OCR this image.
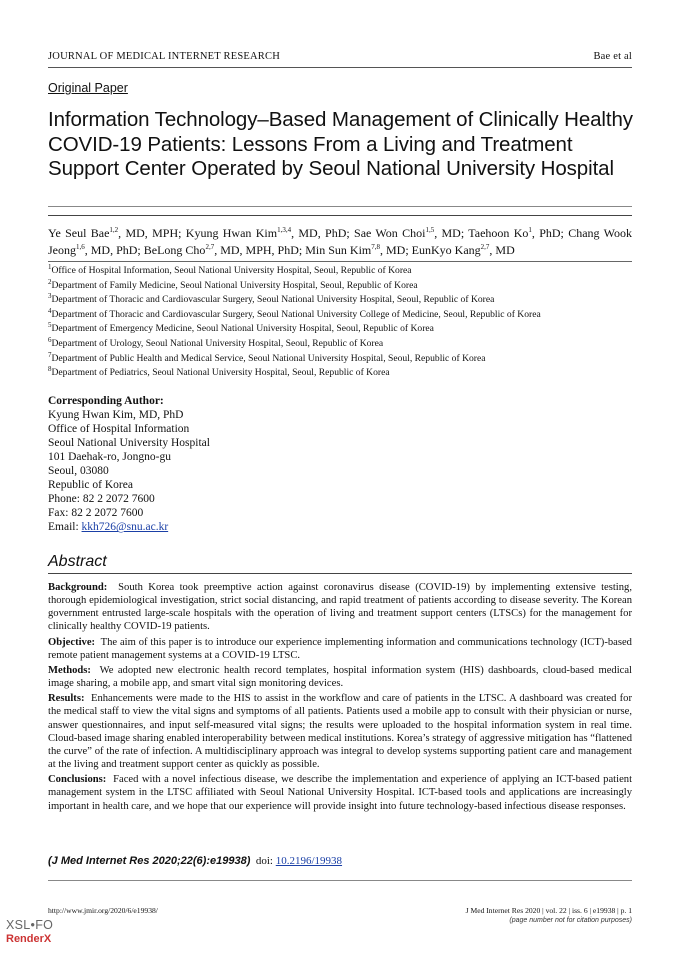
JOURNAL OF MEDICAL INTERNET RESEARCH	Bae et al
Original Paper
Information Technology–Based Management of Clinically Healthy COVID-19 Patients: Lessons From a Living and Treatment Support Center Operated by Seoul National University Hospital
Ye Seul Bae$^{1,2}$, MD, MPH; Kyung Hwan Kim$^{1,3,4}$, MD, PhD; Sae Won Choi$^{1,5}$, MD; Taehoon Ko$^1$, PhD; Chang Wook Jeong$^{1,6}$, MD, PhD; BeLong Cho$^{2,7}$, MD, MPH, PhD; Min Sun Kim$^{7,8}$, MD; EunKyo Kang$^{2,7}$, MD
$^1$Office of Hospital Information, Seoul National University Hospital, Seoul, Republic of Korea
$^2$Department of Family Medicine, Seoul National University Hospital, Seoul, Republic of Korea
$^3$Department of Thoracic and Cardiovascular Surgery, Seoul National University Hospital, Seoul, Republic of Korea
$^4$Department of Thoracic and Cardiovascular Surgery, Seoul National University College of Medicine, Seoul, Republic of Korea
$^5$Department of Emergency Medicine, Seoul National University Hospital, Seoul, Republic of Korea
$^6$Department of Urology, Seoul National University Hospital, Seoul, Republic of Korea
$^7$Department of Public Health and Medical Service, Seoul National University Hospital, Seoul, Republic of Korea
$^8$Department of Pediatrics, Seoul National University Hospital, Seoul, Republic of Korea
Corresponding Author:
Kyung Hwan Kim, MD, PhD
Office of Hospital Information
Seoul National University Hospital
101 Daehak-ro, Jongno-gu
Seoul, 03080
Republic of Korea
Phone: 82 2 2072 7600
Fax: 82 2 2072 7600
Email: kkh726@snu.ac.kr
Abstract

Background: South Korea took preemptive action against coronavirus disease (COVID-19) by implementing extensive testing, thorough epidemiological investigation, strict social distancing, and rapid treatment of patients according to disease severity. The Korean government entrusted large-scale hospitals with the operation of living and treatment support centers (LTSCs) for the management for clinically healthy COVID-19 patients.

Objective: The aim of this paper is to introduce our experience implementing information and communications technology (ICT)-based remote patient management systems at a COVID-19 LTSC.

Methods: We adopted new electronic health record templates, hospital information system (HIS) dashboards, cloud-based medical image sharing, a mobile app, and smart vital sign monitoring devices.

Results: Enhancements were made to the HIS to assist in the workflow and care of patients in the LTSC. A dashboard was created for the medical staff to view the vital signs and symptoms of all patients. Patients used a mobile app to consult with their physician or nurse, answer questionnaires, and input self-measured vital signs; the results were uploaded to the hospital information system in real time. Cloud-based image sharing enabled interoperability between medical institutions. Korea’s strategy of aggressive mitigation has “flattened the curve” of the rate of infection. A multidisciplinary approach was integral to develop systems supporting patient care and management at the living and treatment support center as quickly as possible.

Conclusions: Faced with a novel infectious disease, we describe the implementation and experience of applying an ICT-based patient management system in the LTSC affiliated with Seoul National University Hospital. ICT-based tools and applications are increasingly important in health care, and we hope that our experience will provide insight into future technology-based infectious disease responses.

(J Med Internet Res 2020;22(6):e19938) doi: 10.2196/19938
http://www.jmir.org/2020/6/e19938/	J Med Internet Res 2020 | vol. 22 | iss. 6 | e19938 | p. 1
(page number not for citation purposes)
XSL•FO
RenderX
